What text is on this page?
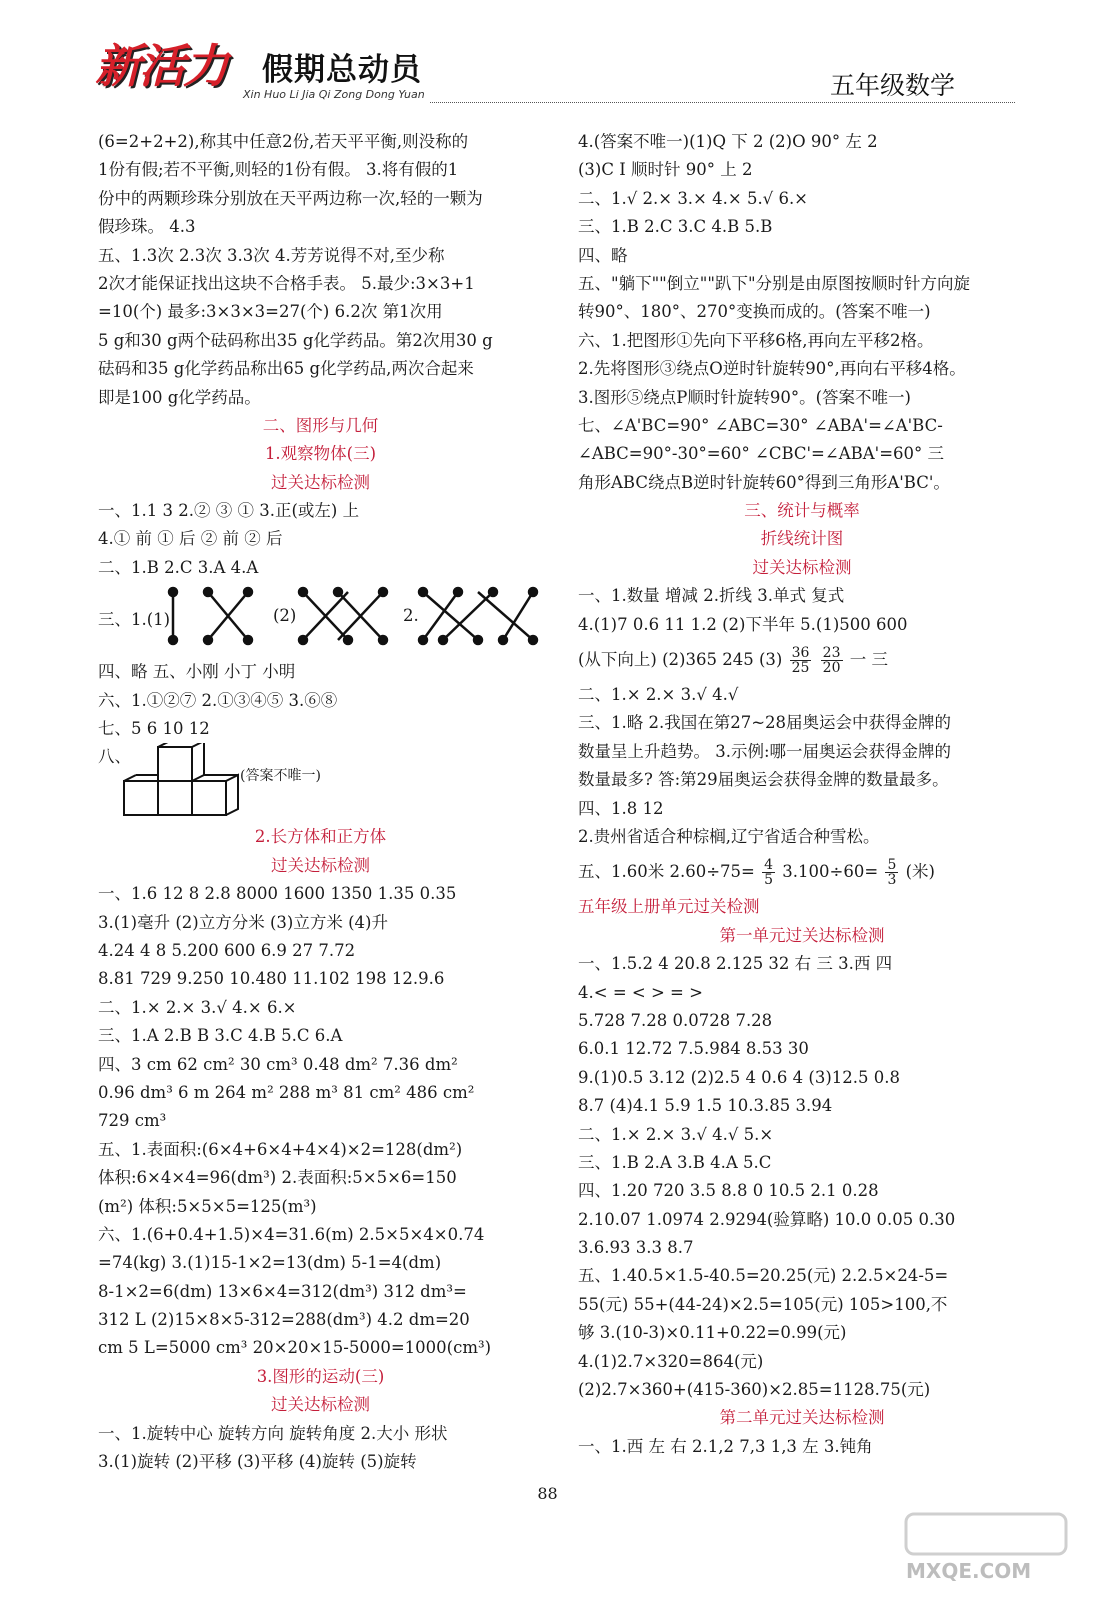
新活力 假期总动员
Xin Huo Li Jia Qi Zong Dong Yuan	五年级数学
(6=2+2+2),称其中任意2份,若天平平衡,则没称的
1份有假;若不平衡,则轻的1份有假。 3.将有假的1
份中的两颗珍珠分别放在天平两边称一次,轻的一颗为
假珍珠。 4.3
五、1.3次 2.3次 3.3次 4.芳芳说得不对,至少称
2次才能保证找出这块不合格手表。 5.最少:3×3+1
=10(个) 最多:3×3×3=27(个) 6.2次 第1次用
5 g和30 g两个砝码称出35 g化学药品。第2次用30 g
砝码和35 g化学药品称出65 g化学药品,两次合起来
即是100 g化学药品。
二、图形与几何
1.观察物体(三)
过关达标检测
一、1.1 3 2.② ③ ① 3.正(或左) 上
4.① 前 ① 后 ② 前 ② 后
二、1.B 2.C 3.A 4.A
三、1.(1)	(2)	2.
四、略 五、小刚 小丁 小明
六、1.①②⑦ 2.①③④⑤ 3.⑥⑧
七、5 6 10 12
八、
(答案不唯一)
2.长方体和正方体
过关达标检测
一、1.6 12 8 2.8 8000 1600 1350 1.35 0.35
3.(1)毫升 (2)立方分米 (3)立方米 (4)升
4.24 4 8 5.200 600 6.9 27 7.72
8.81 729 9.250 10.480 11.102 198 12.9.6
二、1.× 2.× 3.√ 4.× 6.×
三、1.A 2.B B 3.C 4.B 5.C 6.A
四、3 cm 62 cm² 30 cm³ 0.48 dm² 7.36 dm²
0.96 dm³ 6 m 264 m² 288 m³ 81 cm² 486 cm²
729 cm³
五、1.表面积:(6×4+6×4+4×4)×2=128(dm²)
体积:6×4×4=96(dm³) 2.表面积:5×5×6=150
(m²) 体积:5×5×5=125(m³)
六、1.(6+0.4+1.5)×4=31.6(m) 2.5×5×4×0.74
=74(kg) 3.(1)15-1×2=13(dm) 5-1=4(dm)
8-1×2=6(dm) 13×6×4=312(dm³) 312 dm³=
312 L (2)15×8×5-312=288(dm³) 4.2 dm=20
cm 5 L=5000 cm³ 20×20×15-5000=1000(cm³)
3.图形的运动(三)
过关达标检测
一、1.旋转中心 旋转方向 旋转角度 2.大小 形状
3.(1)旋转 (2)平移 (3)平移 (4)旋转 (5)旋转
4.(答案不唯一)(1)Q 下 2 (2)O 90° 左 2
(3)C Ⅰ 顺时针 90° 上 2
二、1.√ 2.× 3.× 4.× 5.√ 6.×
三、1.B 2.C 3.C 4.B 5.B
四、略
五、"躺下""倒立""趴下"分别是由原图按顺时针方向旋
转90°、180°、270°变换而成的。(答案不唯一)
六、1.把图形①先向下平移6格,再向左平移2格。
2.先将图形③绕点O逆时针旋转90°,再向右平移4格。
3.图形⑤绕点P顺时针旋转90°。(答案不唯一)
七、∠A'BC=90° ∠ABC=30° ∠ABA'=∠A'BC-
∠ABC=90°-30°=60° ∠CBC'=∠ABA'=60° 三
角形ABC绕点B逆时针旋转60°得到三角形A'BC'。
三、统计与概率
折线统计图
过关达标检测
一、1.数量 增减 2.折线 3.单式 复式
4.(1)7 0.6 11 1.2 (2)下半年 5.(1)500 600
(从下向上) (2)365 245 $(3) \frac{36}{25}$
$\frac{23}{20}$ 一 三
二、1.× 2.× 3.√ 4.√
三、1.略 2.我国在第27~28届奥运会中获得金牌的
数量呈上升趋势。 3.示例:哪一届奥运会获得金牌的
数量最多? 答:第29届奥运会获得金牌的数量最多。
四、1.8 12
2.贵州省适合种棕榈,辽宁省适合种雪松。
五、1.60米 $2.60\div 75= \frac{4}{5} 3.100\div 60= \frac{5}{3}$ (米)
五年级上册单元过关检测
第一单元过关达标检测
一、1.5.2 4 20.8 2.125 32 右 三 3.西 四
4.< = < > = >
5.728 7.28 0.0728 7.28
6.0.1 12.72 7.5.984 8.53 30
9.(1)0.5 3.12 (2)2.5 4 0.6 4 (3)12.5 0.8
8.7 (4)4.1 5.9 1.5 10.3.85 3.94
二、1.× 2.× 3.√ 4.√ 5.×
三、1.B 2.A 3.B 4.A 5.C
四、1.20 720 3.5 8.8 0 10.5 2.1 0.28
2.10.07 1.0974 2.9294(验算略) 10.0 0.05 0.30
3.6.93 3.3 8.7
五、1.40.5×1.5-40.5=20.25(元) 2.2.5×24-5=
55(元) 55+(44-24)×2.5=105(元) 105>100,不
够 3.(10-3)×0.11+0.22=0.99(元)
4.(1)2.7×320=864(元)
(2)2.7×360+(415-360)×2.85=1128.75(元)
第二单元过关达标检测
一、1.西 左 右 2.1,2 7,3 1,3 左 3.钝角
88
MXQE.COM
